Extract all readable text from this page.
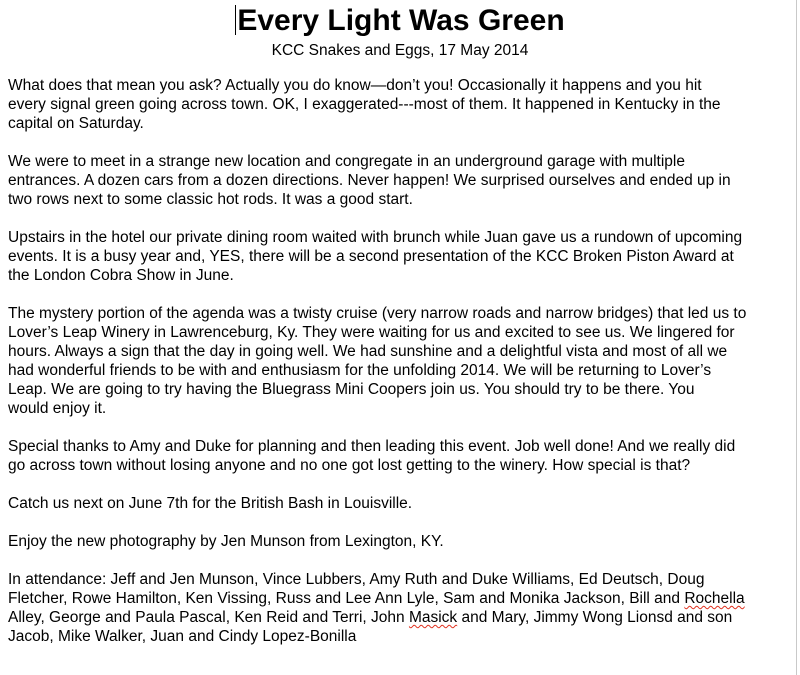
Every Light Was Green
KCC Snakes and Eggs, 17 May 2014

What does that mean you ask? Actually you do know—don’t you! Occasionally it happens and you hit
every signal green going across town. OK, I exaggerated---most of them. It happened in Kentucky in the
capital on Saturday.

We were to meet in a strange new location and congregate in an underground garage with multiple
entrances. A dozen cars from a dozen directions. Never happen! We surprised ourselves and ended up in
two rows next to some classic hot rods. It was a good start.

Upstairs in the hotel our private dining room waited with brunch while Juan gave us a rundown of upcoming
events. It is a busy year and, YES, there will be a second presentation of the KCC Broken Piston Award at
the London Cobra Show in June.

The mystery portion of the agenda was a twisty cruise (very narrow roads and narrow bridges) that led us to
Lover’s Leap Winery in Lawrenceburg, Ky. They were waiting for us and excited to see us. We lingered for
hours. Always a sign that the day in going well. We had sunshine and a delightful vista and most of all we
had wonderful friends to be with and enthusiasm for the unfolding 2014. We will be returning to Lover’s
Leap. We are going to try having the Bluegrass Mini Coopers join us. You should try to be there. You
would enjoy it.

Special thanks to Amy and Duke for planning and then leading this event. Job well done! And we really did
go across town without losing anyone and no one got lost getting to the winery. How special is that?

Catch us next on June 7th for the British Bash in Louisville.

Enjoy the new photography by Jen Munson from Lexington, KY.

In attendance: Jeff and Jen Munson, Vince Lubbers, Amy Ruth and Duke Williams, Ed Deutsch, Doug
Fletcher, Rowe Hamilton, Ken Vissing, Russ and Lee Ann Lyle, Sam and Monika Jackson, Bill and Rochella
Alley, George and Paula Pascal, Ken Reid and Terri, John Masick and Mary, Jimmy Wong Lionsd and son
Jacob, Mike Walker, Juan and Cindy Lopez-Bonilla
